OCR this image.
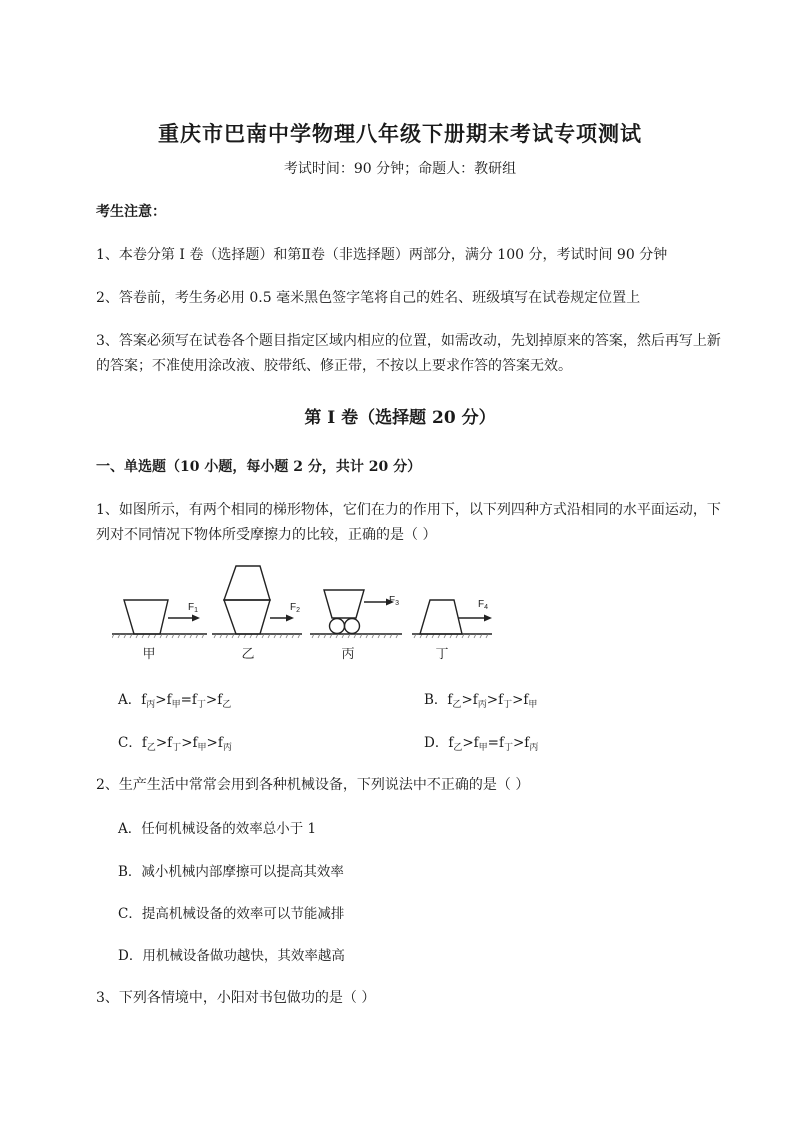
重庆市巴南中学物理八年级下册期末考试专项测试
考试时间：90 分钟；命题人：教研组
考生注意：
1、本卷分第 I 卷（选择题）和第Ⅱ卷（非选择题）两部分，满分 100 分，考试时间 90 分钟
2、答卷前，考生务必用 0.5 毫米黑色签字笔将自己的姓名、班级填写在试卷规定位置上
3、答案必须写在试卷各个题目指定区域内相应的位置，如需改动，先划掉原来的答案，然后再写上新
的答案；不准使用涂改液、胶带纸、修正带，不按以上要求作答的答案无效。
第 I 卷（选择题 20 分）
一、单选题（10 小题，每小题 2 分，共计 20 分）
1、如图所示，有两个相同的梯形物体，它们在力的作用下，以下列四种方式沿相同的水平面运动，下
列对不同情况下物体所受摩擦力的比较，正确的是（ ）
$F_1$	$F_2$
$F_3$	$F_4$
甲	乙	丙	丁
A．$f_丙>f_甲=f_丁>f_乙$	B．$f_乙>f_丙>f_丁>f_甲$
C．$f_乙>f_丁>f_甲>f_丙$	D．$f_乙>f_甲=f_丁>f_丙$
2、生产生活中常常会用到各种机械设备，下列说法中不正确的是（ ）
A．任何机械设备的效率总小于 1
B．减小机械内部摩擦可以提高其效率
C．提高机械设备的效率可以节能减排
D．用机械设备做功越快，其效率越高
3、下列各情境中，小阳对书包做功的是（ ）
